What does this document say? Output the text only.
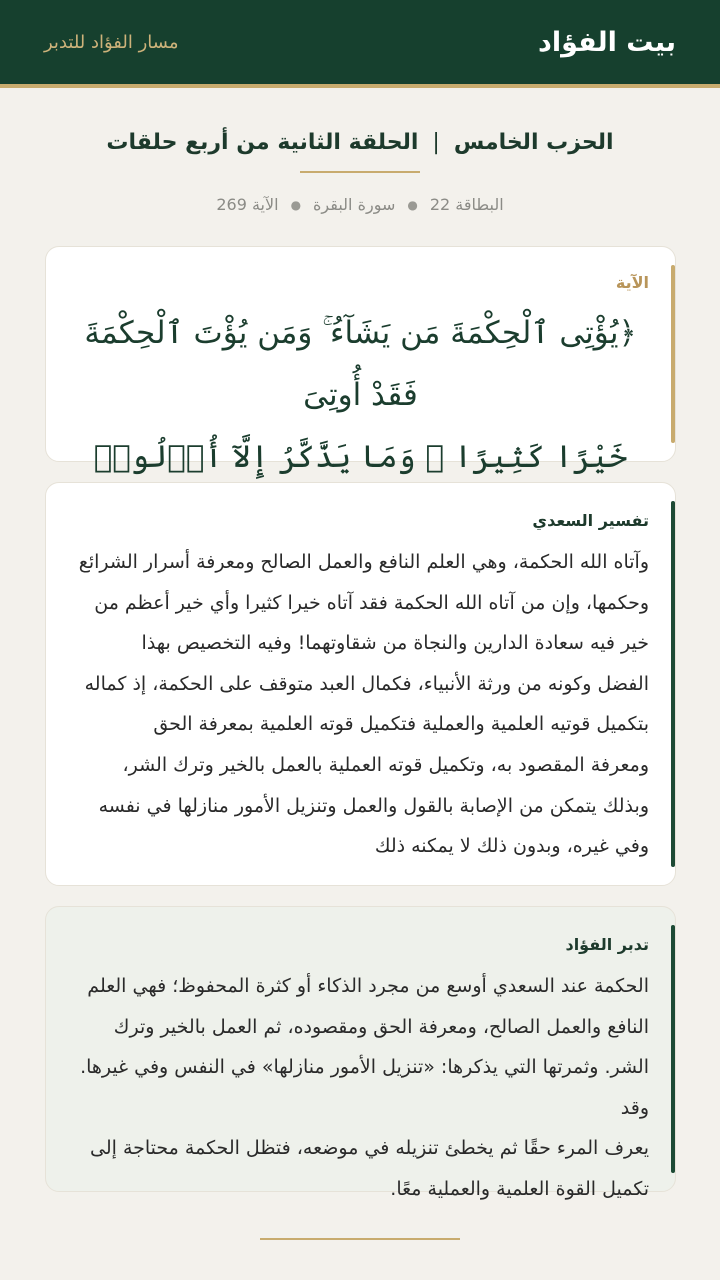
بيت الفؤاد
مسار الفؤاد للتدبر
الحزب الخامس
|
الحلقة الثانية من أربع حلقات
البطاقة 22
●
سورة البقرة
●
الآية 269
الآية
﴿يُؤْتِى ٱلْحِكْمَةَ مَن يَشَآءُ ۚ وَمَن يُؤْتَ ٱلْحِكْمَةَ فَقَدْ أُوتِىَ
خَيْرًا كَثِيرًا ۗ وَمَا يَذَّكَّرُ إِلَّآ أُو۟لُوا۟
تفسير السعدي
وآتاه الله الحكمة، وهي العلم النافع والعمل الصالح ومعرفة أسرار الشرائع
وحكمها، وإن من آتاه الله الحكمة فقد آتاه خيرا كثيرا وأي خير أعظم من
خير فيه سعادة الدارين والنجاة من شقاوتهما! وفيه التخصيص بهذا
الفضل وكونه من ورثة الأنبياء، فكمال العبد متوقف على الحكمة، إذ كماله
بتكميل قوتيه العلمية والعملية فتكميل قوته العلمية بمعرفة الحق
ومعرفة المقصود به، وتكميل قوته العملية بالعمل بالخير وترك الشر،
وبذلك يتمكن من الإصابة بالقول والعمل وتنزيل الأمور منازلها في نفسه
وفي غيره، وبدون ذلك لا يمكنه ذلك
تدبر الفؤاد
الحكمة عند السعدي أوسع من مجرد الذكاء أو كثرة المحفوظ؛ فهي العلم
النافع والعمل الصالح، ومعرفة الحق ومقصوده، ثم العمل بالخير وترك
الشر. وثمرتها التي يذكرها: «تنزيل الأمور منازلها» في النفس وفي غيرها. وقد
يعرف المرء حقًا ثم يخطئ تنزيله في موضعه، فتظل الحكمة محتاجة إلى
تكميل القوة العلمية والعملية معًا.
